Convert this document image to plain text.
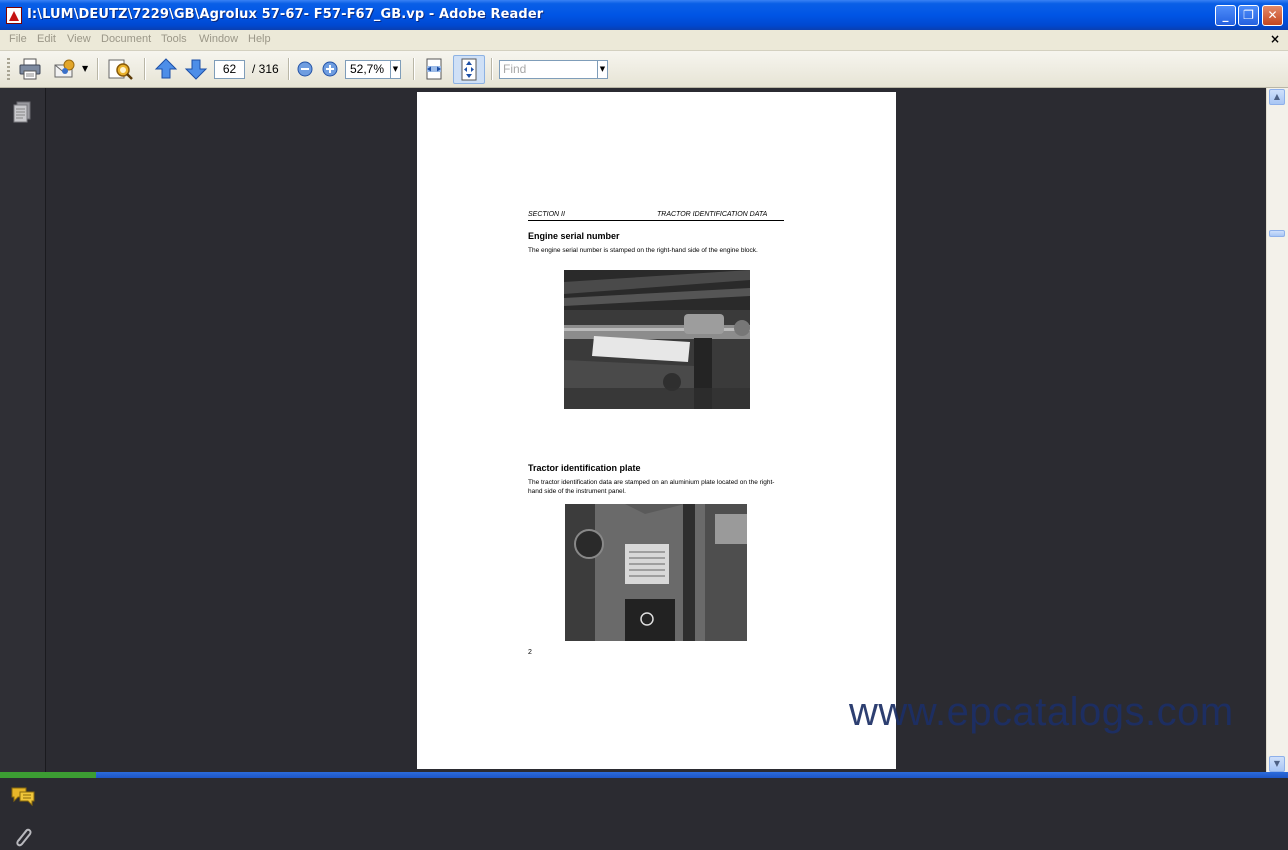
I:\LUM\DEUTZ\7229\GB\Agrolux 57-67- F57-F67_GB.vp - Adobe Reader	_	❐	✕
File Edit View Document Tools Window Help	×
▼	62	/ 316	52,7%	▼	Find	▼
SECTION II	TRACTOR IDENTIFICATION DATA
Engine serial number
The engine serial number is stamped on the right-hand side of the engine block.
Tractor identification plate
The tractor identification data are stamped on an aluminium plate located on the right-hand side of the instrument panel.
2
www.epcatalogs.com
▲
▼
